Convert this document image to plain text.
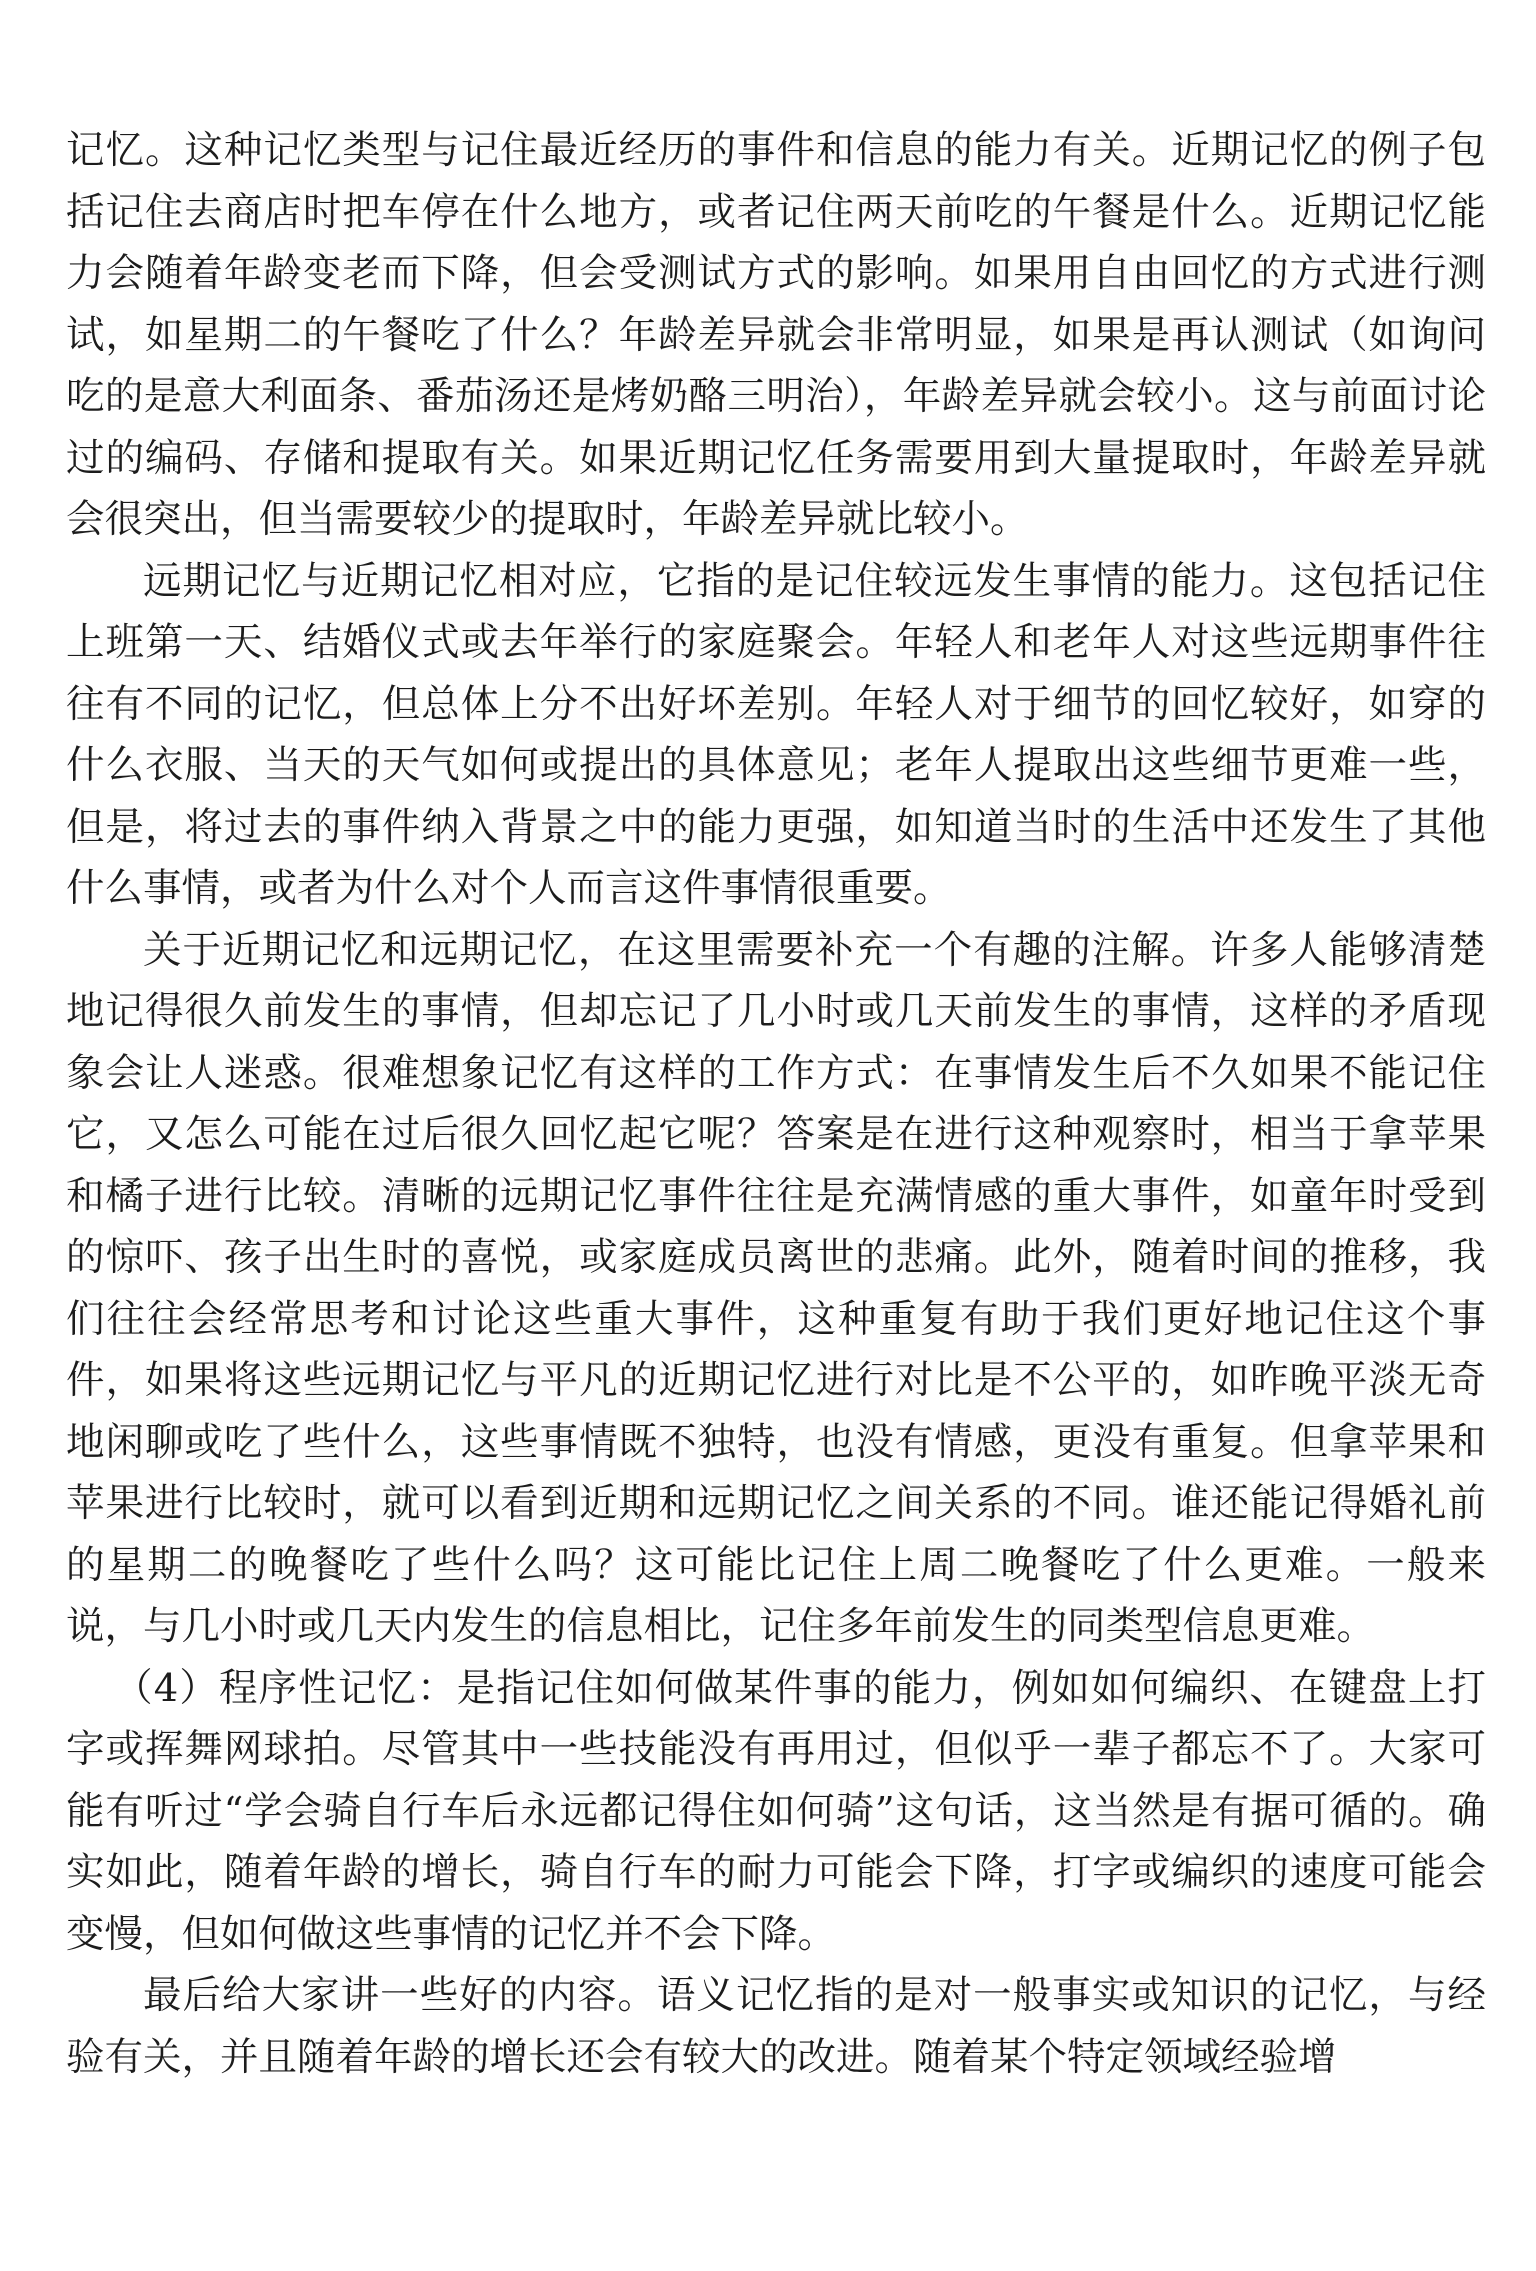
记忆。这种记忆类型与记住最近经历的事件和信息的能力有关。近期记忆的例子包括记住去商店时把车停在什么地方，或者记住两天前吃的午餐是什么。近期记忆能力会随着年龄变老而下降，但会受测试方式的影响。如果用自由回忆的方式进行测试，如星期二的午餐吃了什么？年龄差异就会非常明显，如果是再认测试（如询问吃的是意大利面条、番茄汤还是烤奶酪三明治），年龄差异就会较小。这与前面讨论过的编码、存储和提取有关。如果近期记忆任务需要用到大量提取时，年龄差异就会很突出，但当需要较少的提取时，年龄差异就比较小。

远期记忆与近期记忆相对应，它指的是记住较远发生事情的能力。这包括记住上班第一天、结婚仪式或去年举行的家庭聚会。年轻人和老年人对这些远期事件往往有不同的记忆，但总体上分不出好坏差别。年轻人对于细节的回忆较好，如穿的什么衣服、当天的天气如何或提出的具体意见；老年人提取出这些细节更难一些，但是，将过去的事件纳入背景之中的能力更强，如知道当时的生活中还发生了其他什么事情，或者为什么对个人而言这件事情很重要。

关于近期记忆和远期记忆，在这里需要补充一个有趣的注解。许多人能够清楚地记得很久前发生的事情，但却忘记了几小时或几天前发生的事情，这样的矛盾现象会让人迷惑。很难想象记忆有这样的工作方式：在事情发生后不久如果不能记住它，又怎么可能在过后很久回忆起它呢？答案是在进行这种观察时，相当于拿苹果和橘子进行比较。清晰的远期记忆事件往往是充满情感的重大事件，如童年时受到的惊吓、孩子出生时的喜悦，或家庭成员离世的悲痛。此外，随着时间的推移，我们往往会经常思考和讨论这些重大事件，这种重复有助于我们更好地记住这个事件，如果将这些远期记忆与平凡的近期记忆进行对比是不公平的，如昨晚平淡无奇地闲聊或吃了些什么，这些事情既不独特，也没有情感，更没有重复。但拿苹果和苹果进行比较时，就可以看到近期和远期记忆之间关系的不同。谁还能记得婚礼前的星期二的晚餐吃了些什么吗？这可能比记住上周二晚餐吃了什么更难。一般来说，与几小时或几天内发生的信息相比，记住多年前发生的同类型信息更难。

（4）程序性记忆：是指记住如何做某件事的能力，例如如何编织、在键盘上打字或挥舞网球拍。尽管其中一些技能没有再用过，但似乎一辈子都忘不了。大家可能有听过“学会骑自行车后永远都记得住如何骑”这句话，这当然是有据可循的。确实如此，随着年龄的增长，骑自行车的耐力可能会下降，打字或编织的速度可能会变慢，但如何做这些事情的记忆并不会下降。

最后给大家讲一些好的内容。语义记忆指的是对一般事实或知识的记忆，与经验有关，并且随着年龄的增长还会有较大的改进。随着某个特定领域经验增
